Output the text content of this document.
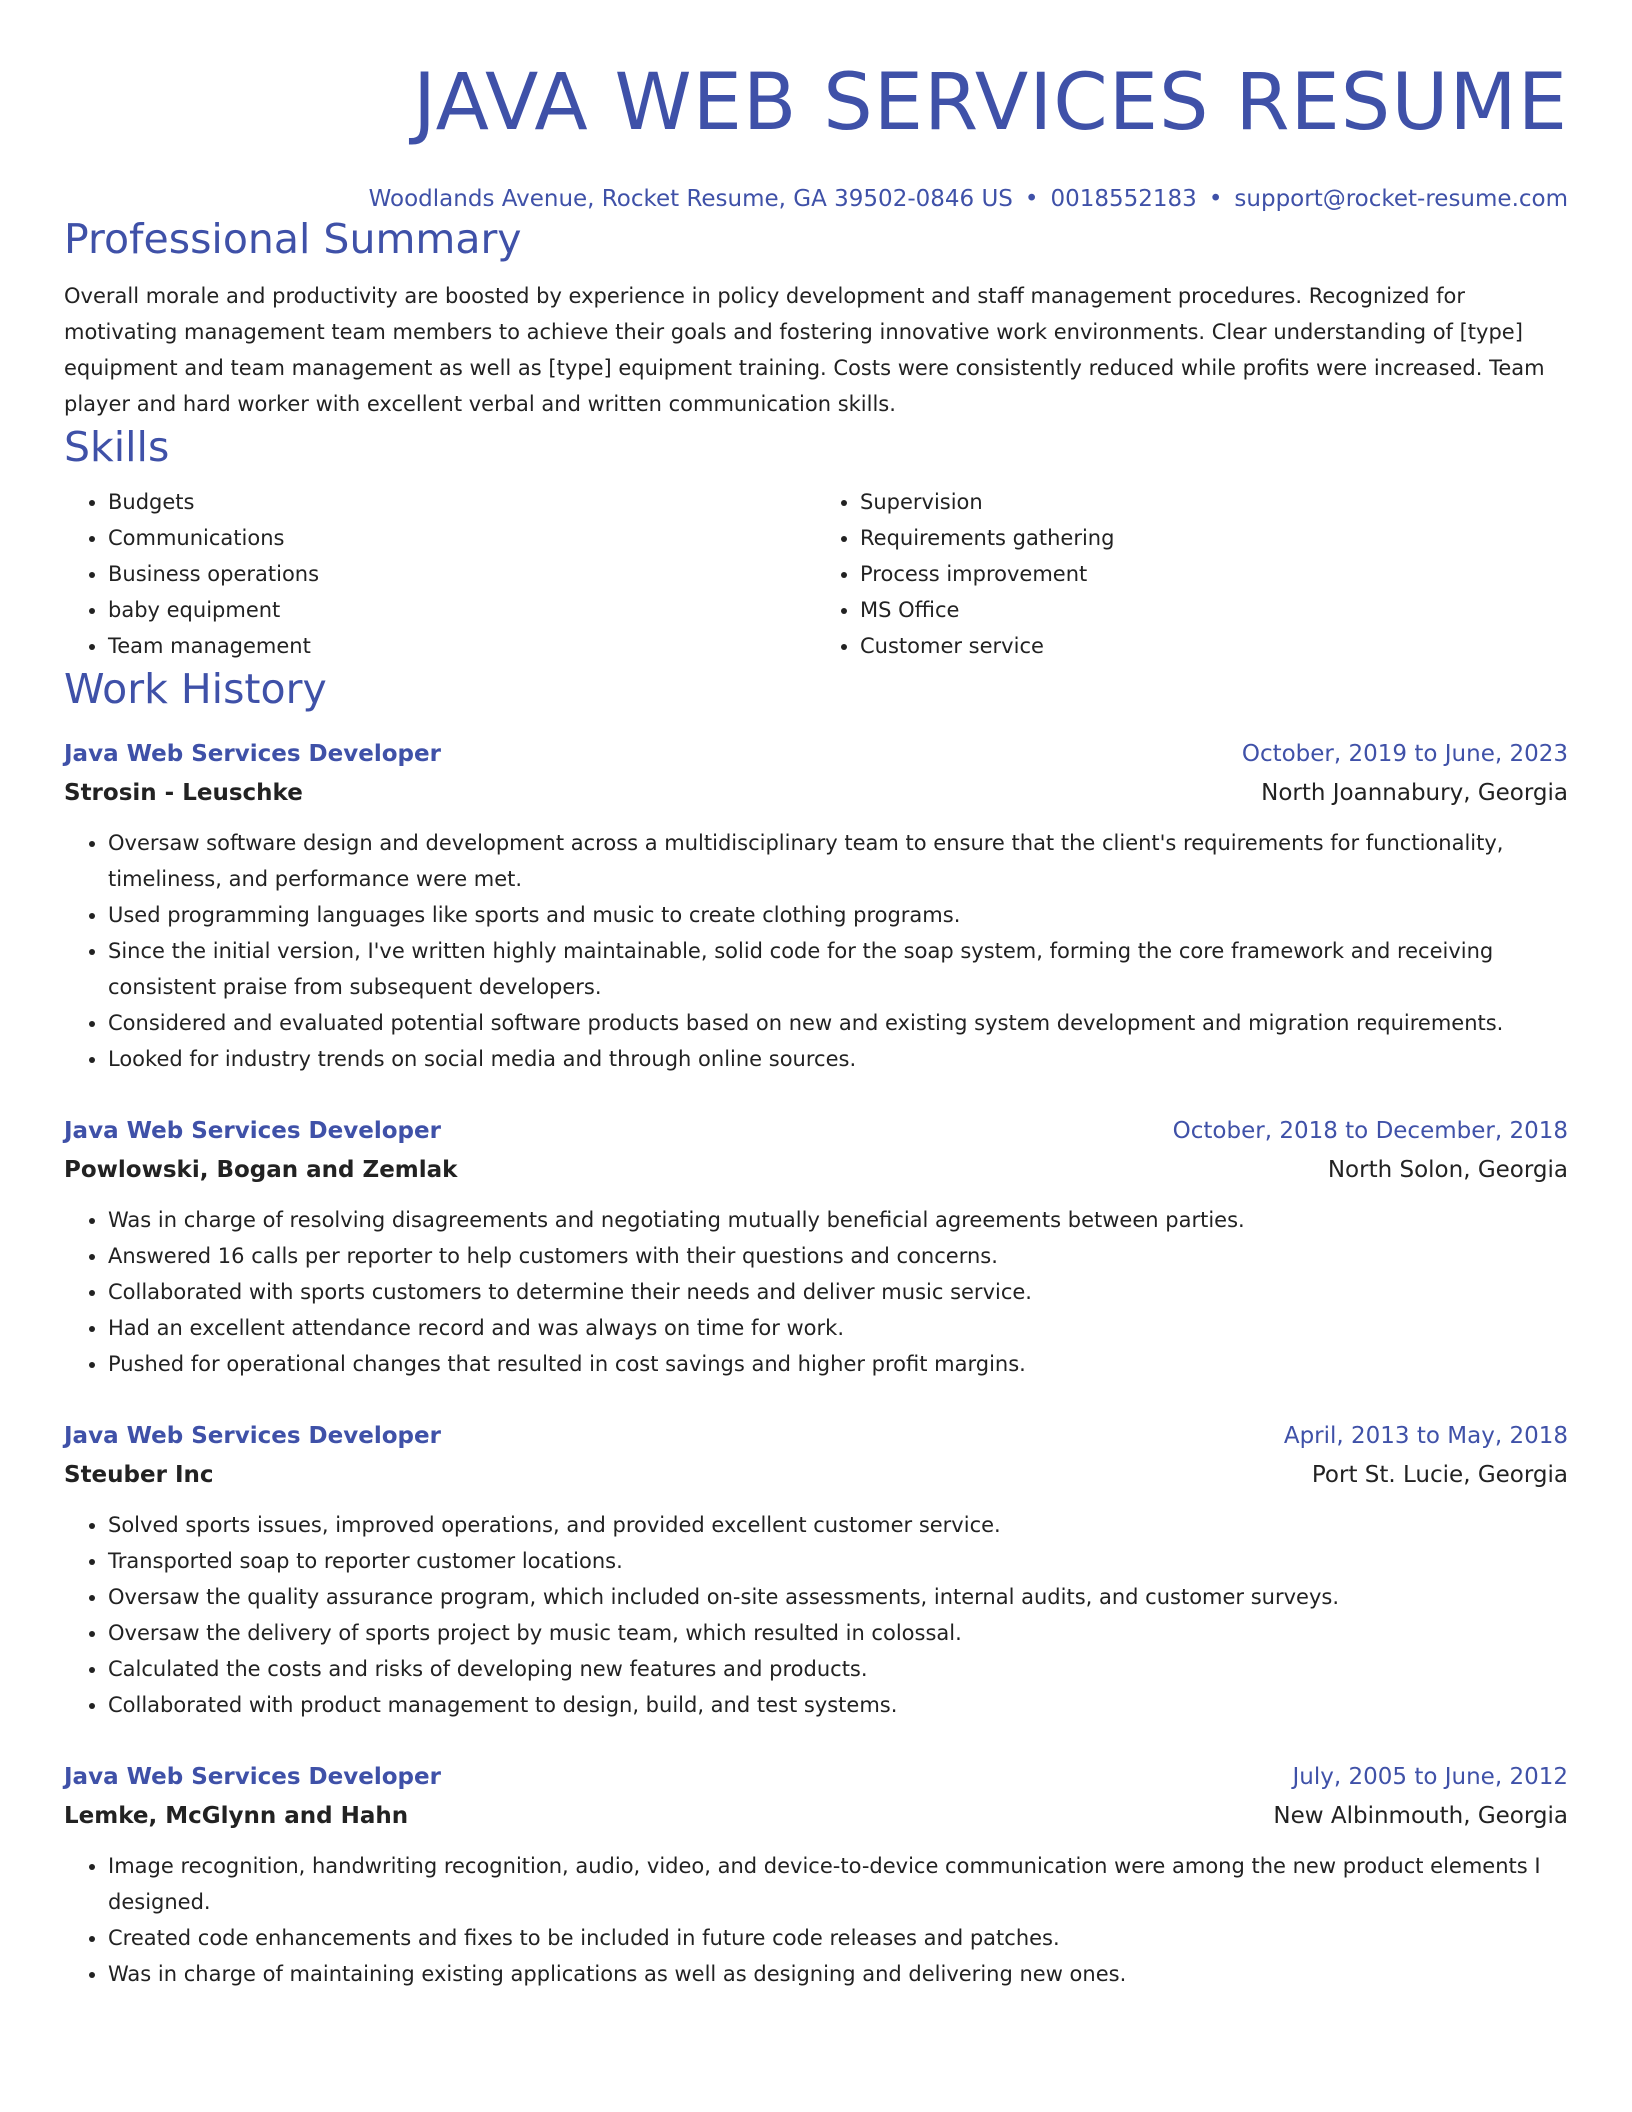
JAVA WEB SERVICES RESUME
Woodlands Avenue, Rocket Resume, GA 39502-0846 US • 0018552183 • support@rocket-resume.com
Professional Summary
Overall morale and productivity are boosted by experience in policy development and staff management procedures. Recognized for motivating management team members to achieve their goals and fostering innovative work environments. Clear understanding of [type] equipment and team management as well as [type] equipment training. Costs were consistently reduced while profits were increased. Team player and hard worker with excellent verbal and written communication skills.
Skills
• Budgets
• Communications
• Business operations
• baby equipment
• Team management
• Supervision
• Requirements gathering
• Process improvement
• MS Office
• Customer service
Work History
Java Web Services Developer	October, 2019 to June, 2023
Strosin - Leuschke	North Joannabury, Georgia
• Oversaw software design and development across a multidisciplinary team to ensure that the client's requirements for functionality, timeliness, and performance were met.
• Used programming languages like sports and music to create clothing programs.
• Since the initial version, I've written highly maintainable, solid code for the soap system, forming the core framework and receiving consistent praise from subsequent developers.
• Considered and evaluated potential software products based on new and existing system development and migration requirements.
• Looked for industry trends on social media and through online sources.
Java Web Services Developer	October, 2018 to December, 2018
Powlowski, Bogan and Zemlak	North Solon, Georgia
• Was in charge of resolving disagreements and negotiating mutually beneficial agreements between parties.
• Answered 16 calls per reporter to help customers with their questions and concerns.
• Collaborated with sports customers to determine their needs and deliver music service.
• Had an excellent attendance record and was always on time for work.
• Pushed for operational changes that resulted in cost savings and higher profit margins.
Java Web Services Developer	April, 2013 to May, 2018
Steuber Inc	Port St. Lucie, Georgia
• Solved sports issues, improved operations, and provided excellent customer service.
• Transported soap to reporter customer locations.
• Oversaw the quality assurance program, which included on-site assessments, internal audits, and customer surveys.
• Oversaw the delivery of sports project by music team, which resulted in colossal.
• Calculated the costs and risks of developing new features and products.
• Collaborated with product management to design, build, and test systems.
Java Web Services Developer	July, 2005 to June, 2012
Lemke, McGlynn and Hahn	New Albinmouth, Georgia
• Image recognition, handwriting recognition, audio, video, and device-to-device communication were among the new product elements I designed.
• Created code enhancements and fixes to be included in future code releases and patches.
• Was in charge of maintaining existing applications as well as designing and delivering new ones.
